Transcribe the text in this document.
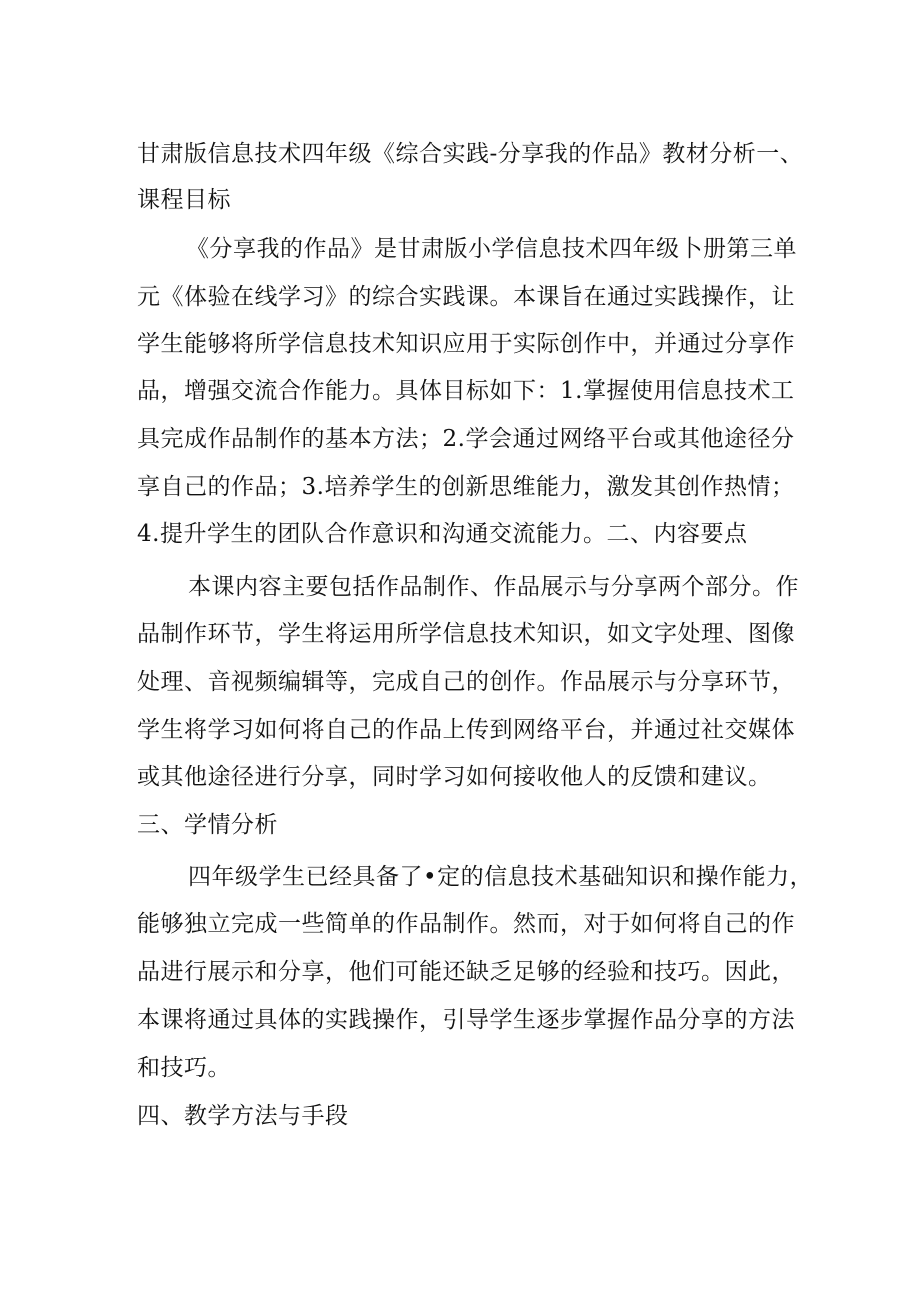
甘肃版信息技术四年级《综合实践-分享我的作品》教材分析一、
课程目标
《分享我的作品》是甘肃版小学信息技术四年级卜册第三单
元《体验在线学习》的综合实践课。本课旨在通过实践操作，让
学生能够将所学信息技术知识应用于实际创作中，并通过分享作
品，增强交流合作能力。具体目标如下：1.掌握使用信息技术工
具完成作品制作的基本方法；2.学会通过网络平台或其他途径分
享自己的作品；3.培养学生的创新思维能力，激发其创作热情；
4.提升学生的团队合作意识和沟通交流能力。二、内容要点
本课内容主要包括作品制作、作品展示与分享两个部分。作
品制作环节，学生将运用所学信息技术知识，如文字处理、图像
处理、音视频编辑等，完成自己的创作。作品展示与分享环节，
学生将学习如何将自己的作品上传到网络平台，并通过社交媒体
或其他途径进行分享，同时学习如何接收他人的反馈和建议。
三、学情分析
四年级学生已经具备了•定的信息技术基础知识和操作能力，
能够独立完成一些简单的作品制作。然而，对于如何将自己的作
品进行展示和分享，他们可能还缺乏足够的经验和技巧。因此，
本课将通过具体的实践操作，引导学生逐步掌握作品分享的方法
和技巧。
四、教学方法与手段
